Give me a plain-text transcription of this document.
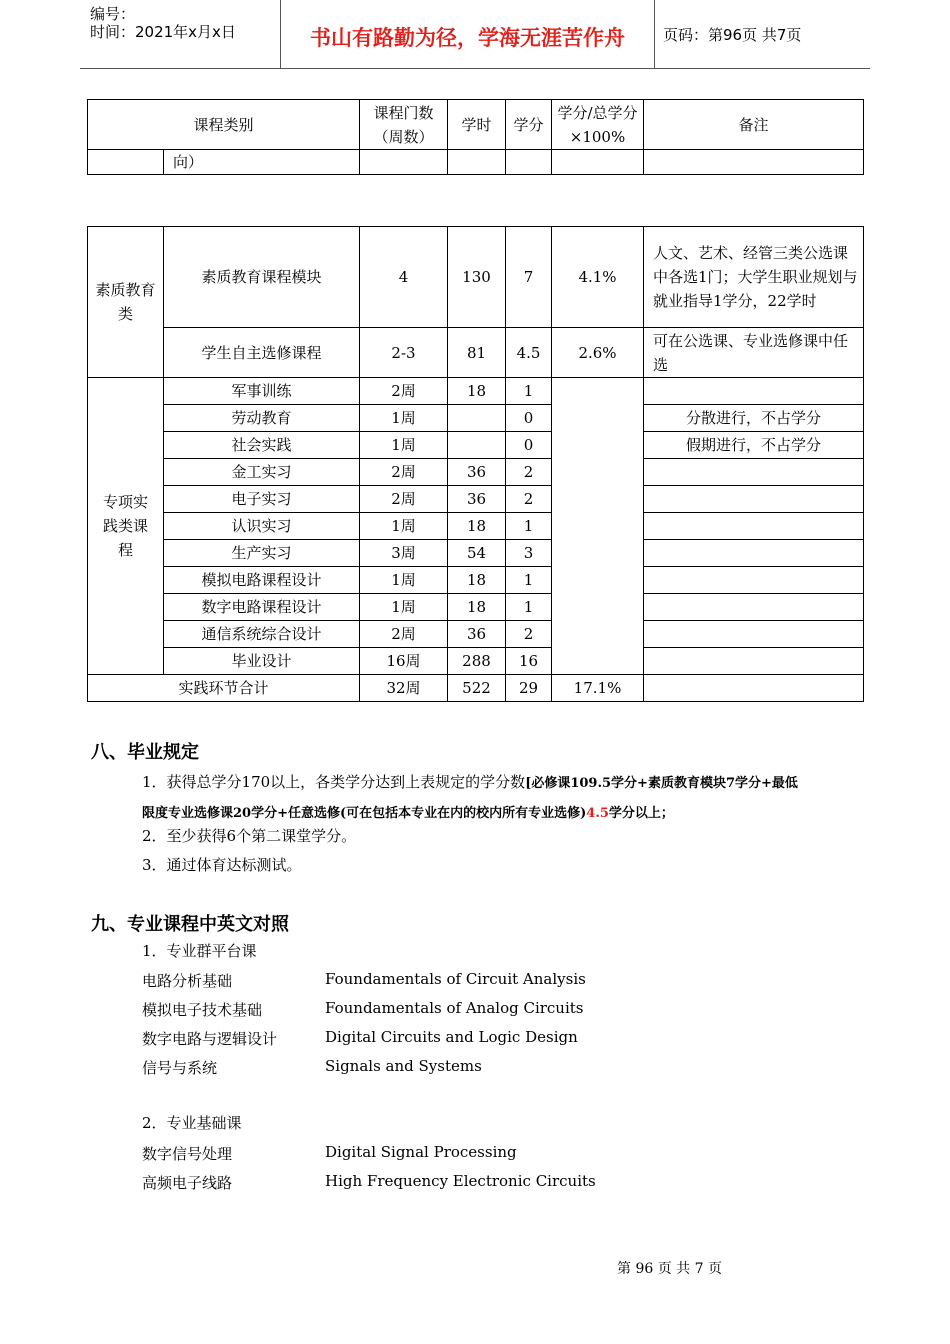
编号：
时间：2021年x月x日	书山有路勤为径，学海无涯苦作舟	页码：第96页 共7页
课程类别		课程门数（周数）	学时	学分	学分/总学分×100%	备注
	向）					
素质教育类	素质教育课程模块	4	130	7	4.1%	人文、艺术、经管三类公选课中各选1门；大学生职业规划与就业指导1学分，22学时
	学生自主选修课程	2-3	81	4.5	2.6%	可在公选课、专业选修课中任选
专项实践类课程	军事训练	2周	18	1		
	劳动教育	1周		0		分散进行，不占学分
	社会实践	1周		0		假期进行，不占学分
	金工实习	2周	36	2		
	电子实习	2周	36	2		
	认识实习	1周	18	1		
	生产实习	3周	54	3		
	模拟电路课程设计	1周	18	1		
	数字电路课程设计	1周	18	1		
	通信系统综合设计	2周	36	2		
	毕业设计	16周	288	16		
实践环节合计		32周	522	29	17.1%	
八、毕业规定
1．获得总学分170以上，各类学分达到上表规定的学分数[必修课109.5学分+素质教育模块7学分+最低
限度专业选修课20学分+任意选修(可在包括本专业在内的校内所有专业选修)4.5学分以上；
2．至少获得6个第二课堂学分。
3．通过体育达标测试。
九、专业课程中英文对照
1．专业群平台课
电路分析基础	Foundamentals of Circuit Analysis
模拟电子技术基础	Foundamentals of Analog Circuits
数字电路与逻辑设计	Digital Circuits and Logic Design
信号与系统	Signals and Systems
2．专业基础课
数字信号处理	Digital Signal Processing
高频电子线路	High Frequency Electronic Circuits
第 96 页 共 7 页
